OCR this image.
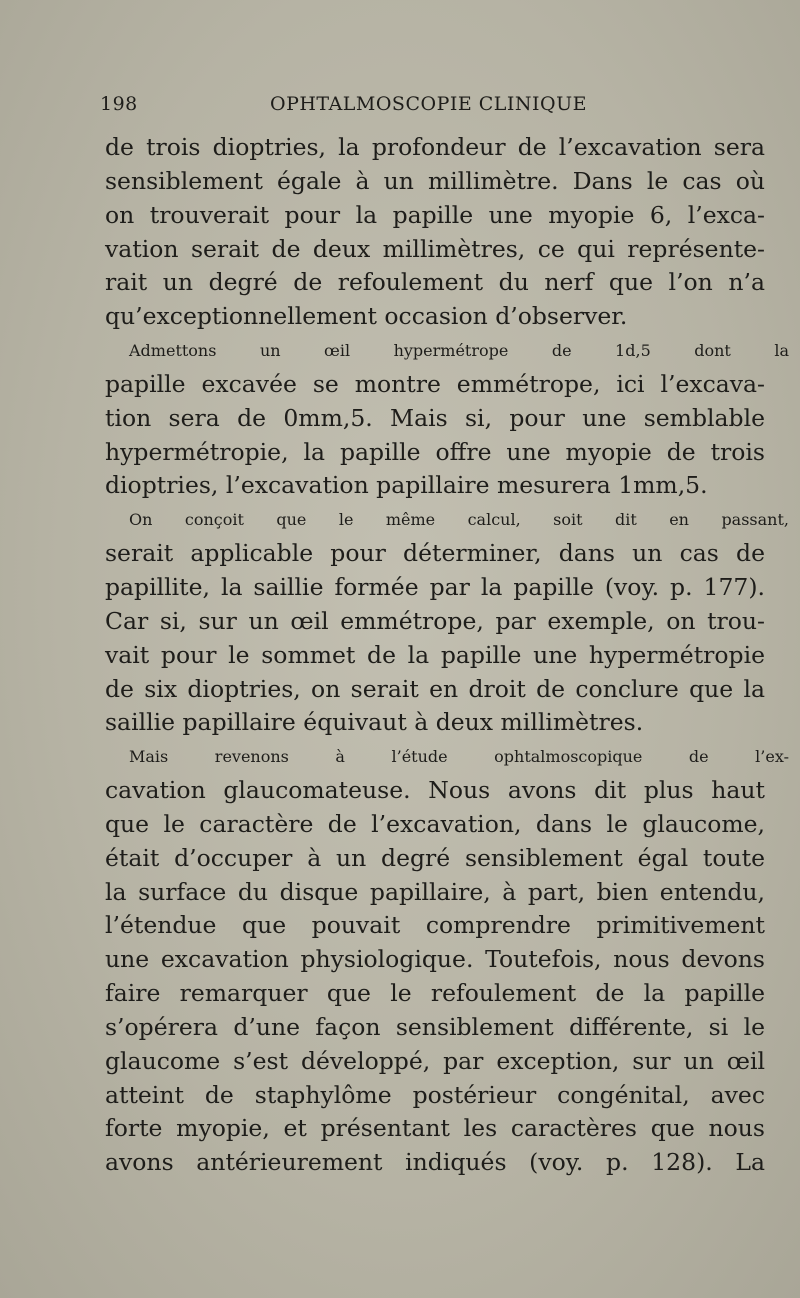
198	OPHTALMOSCOPIE CLINIQUE
de trois dioptries, la profondeur de l’excavation sera
sensiblement égale à un millimètre. Dans le cas où
on trouverait pour la papille une myopie 6, l’exca-
vation serait de deux millimètres, ce qui représente-
rait un degré de refoulement du nerf que l’on n’a
qu’exceptionnellement occasion d’observer.
Admettons un œil hypermétrope de 1d,5 dont la
papille excavée se montre emmétrope, ici l’excava-
tion sera de 0mm,5. Mais si, pour une semblable
hypermétropie, la papille offre une myopie de trois
dioptries, l’excavation papillaire mesurera 1mm,5.
On conçoit que le même calcul, soit dit en passant,
serait applicable pour déterminer, dans un cas de
papillite, la saillie formée par la papille (voy. p. 177).
Car si, sur un œil emmétrope, par exemple, on trou-
vait pour le sommet de la papille une hypermétropie
de six dioptries, on serait en droit de conclure que la
saillie papillaire équivaut à deux millimètres.
Mais revenons à l’étude ophtalmoscopique de l’ex-
cavation glaucomateuse. Nous avons dit plus haut
que le caractère de l’excavation, dans le glaucome,
était d’occuper à un degré sensiblement égal toute
la surface du disque papillaire, à part, bien entendu,
l’étendue que pouvait comprendre primitivement
une excavation physiologique. Toutefois, nous devons
faire remarquer que le refoulement de la papille
s’opérera d’une façon sensiblement différente, si le
glaucome s’est développé, par exception, sur un œil
atteint de staphylôme postérieur congénital, avec
forte myopie, et présentant les caractères que nous
avons antérieurement indiqués (voy. p. 128). La
